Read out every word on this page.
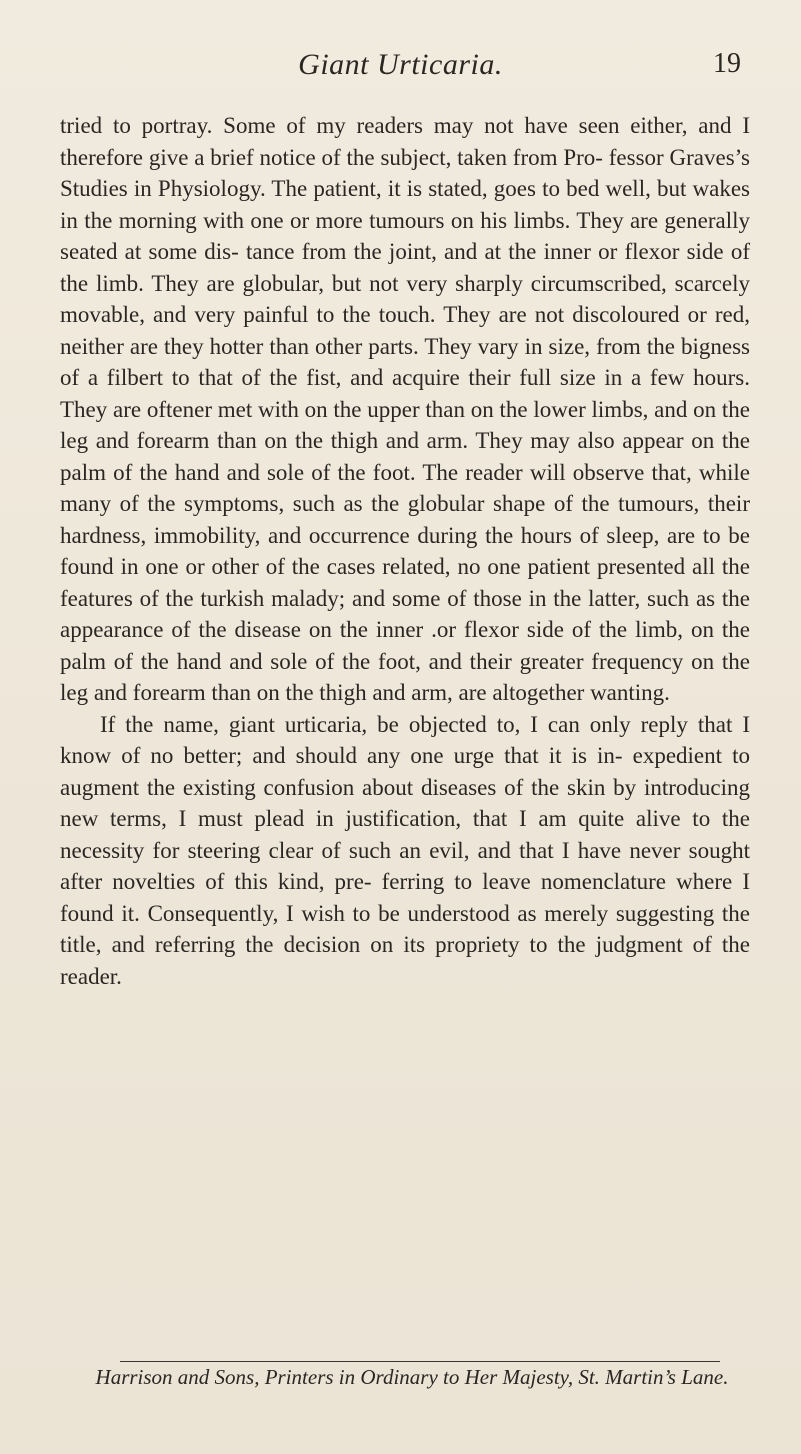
Giant Urticaria.	19

tried to portray. Some of my readers may not have seen either, and I therefore give a brief notice of the subject, taken from Pro- fessor Graves’s Studies in Physiology. The patient, it is stated, goes to bed well, but wakes in the morning with one or more tumours on his limbs. They are generally seated at some dis- tance from the joint, and at the inner or flexor side of the limb. They are globular, but not very sharply circumscribed, scarcely movable, and very painful to the touch. They are not discoloured or red, neither are they hotter than other parts. They vary in size, from the bigness of a filbert to that of the fist, and acquire their full size in a few hours. They are oftener met with on the upper than on the lower limbs, and on the leg and forearm than on the thigh and arm. They may also appear on the palm of the hand and sole of the foot. The reader will observe that, while many of the symptoms, such as the globular shape of the tumours, their hardness, immobility, and occurrence during the hours of sleep, are to be found in one or other of the cases related, no one patient presented all the features of the turkish malady; and some of those in the latter, such as the appearance of the disease on the inner .or flexor side of the limb, on the palm of the hand and sole of the foot, and their greater frequency on the leg and forearm than on the thigh and arm, are altogether wanting.

If the name, giant urticaria, be objected to, I can only reply that I know of no better; and should any one urge that it is in- expedient to augment the existing confusion about diseases of the skin by introducing new terms, I must plead in justification, that I am quite alive to the necessity for steering clear of such an evil, and that I have never sought after novelties of this kind, pre- ferring to leave nomenclature where I found it. Consequently, I wish to be understood as merely suggesting the title, and referring the decision on its propriety to the judgment of the reader.

Harrison and Sons, Printers in Ordinary to Her Majesty, St. Martin’s Lane.
